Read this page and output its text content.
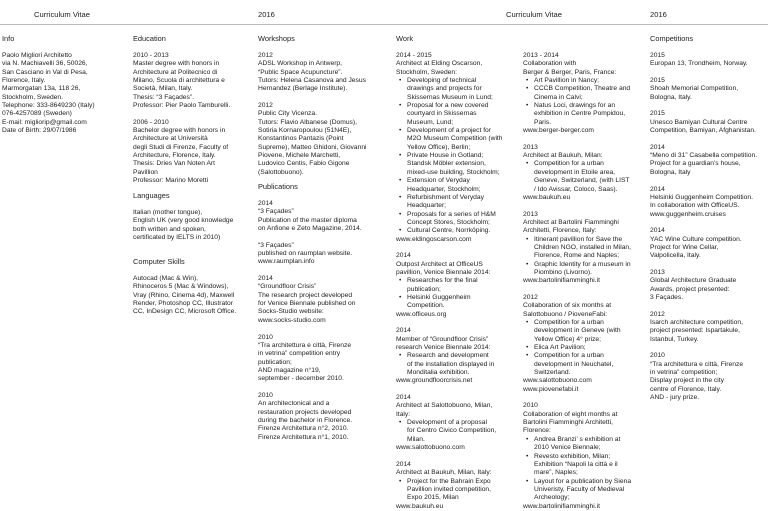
Curriculum Vitae	2016
Info	Education	Workshops

Paolo Migliori Architetto

via N. Machiavelli 36, 50026,

San Casciano in Val di Pesa,

Florence, Italy.

Marmorgatan 13a, 118 26,

Stockholm, Sweden.

Telephone: 333-8649230 (Italy)

076-4257089 (Sweden)

E-mail: migliorip@gmail.com

Date of Birth: 29/07/1986

2010 - 2013

Master degree with honors in

Architecture at Politecnico di

Milano, Scuola di architettura e

Società, Milan, Italy.

Thesis: “3 Façades”.

Professor: Pier Paolo Tamburelli.

2006 - 2010

Bachelor degree with honors in

Architecture at Università

degli Studi di Firenze, Faculty of

Architecture, Florence, Italy.

Thesis: Dries Van Noten Art

Pavillion

Professor: Marino Moretti

Languages

Italian (mother tongue),

English UK (very good knowledge

both written and spoken,

certificated by IELTS in 2010)

Computer Skills

Autocad (Mac & Win),

Rhinoceros 5 (Mac & Windows),

Vray (Rhino, Cinema 4d), Maxwell

Render, Photoshop CC, Illustrator

CC, InDesign CC, Microsoft Office.

2012

ADSL Workshop in Antwerp,

“Public Space Acupuncture”.

Tutors: Helena Casanova and Jesus

Hernandez (Berlage Institute).

2012

Public City Vicenza.

Tutors: Flavio Albanese (Domus),

Sotiria Kornaropoulou (51N4E),

Konstantinos Pantazis (Point

Supreme), Matteo Ghidoni, Giovanni

Piovene, Michele Marchetti,

Ludovico Centis, Fabio Gigone

(Salottobuono).

Publications

2014

“3 Façades”

Publication of the master diploma

on Anfione e Zeto Magazine, 2014.

“3 Façades”

published on raumplan website.

www.raumplan.info

2014

“Groundfloor Crisis”

The research project developed

for Venice Biennale published on

Socks-Studio website:

www.socks-studio.com

2010

“Tra architettura e città, Firenze

in vetrina” competition entry

publication;

AND magazine n°19,

september - december 2010.

2010

An architectonical and a

restauration projects developed

during the bachelor in Florence.

Firenze Architettura n°2, 2010.

Firenze Architettura n°1, 2010.

Curriculum Vitae	2016
Work	Competitions

2014 - 2015

Architect at Elding Oscarson,

Stockholm, Sweden:

• Developing of technical

drawings and projects for

Skissernas Museum in Lund;

• Proposal for a new covered

courtyard in Skissernas

Museum, Lund;

• Development of a project for

M2O Museum Competition (with

Yellow Office), Berlin;

• Private House in Gotland;

Standsk Möbler extension,

mixed-use building, Stockholm;

• Extension of Veryday

Headquarter, Stockholm;

• Refurbishment of Veryday

Headquarter;

• Proposals for a series of H&M

Concept Stores, Stockholm;

• Cultural Centre, Norrköping.

www.eldingoscarson.com

2014

Outpost Architect at OfficeUS

pavillion, Venice Biennale 2014:

• Researches for the final

publication;

• Helsinki Guggenheim

Competition.

www.officeus.org

2014

Member of “Groundfloor Crisis”

research Venice Biennale 2014:

• Research and development

of the installation displayed in

Monditalia exhibition.

www.groundfloorcrisis.net

2014

Architect at Salottobuono, Milan,

Italy:

• Development of a proposal

for Centro Civico Competition,

Milan.

www.salottobuono.com

2014

Architect at Baukuh, Milan, Italy:

• Project for the Bahrain Expo

Pavillion invited competition,

Expo 2015, Milan

www.baukuh.eu

2013 - 2014

Collaboration with

Berger & Berger, Paris, France:

• Art Pavillion in Nancy;

• CCCB Competition, Theatre and

Cinema in Calvi;

• Natus Loci, drawings for an

exhibition in Centre Pompidou,

Paris.

www.berger-berger.com

2013

Architect at Baukuh, Milan:

• Competition for a urban

development in Etoile area,

Geneve, Switzerland, (with LIST

/ Ido Avissar, Coloco, Saas).

www.baukuh.eu

2013

Architect at Bartolini Fiamminghi

Architetti, Florence, Italy:

• Itinerant pavillion for Save the

Children NGO, installed in Milan,

Florence, Rome and Naples;

• Graphic Identity for a museum in

Piombino (Livorno).

www.bartolinifiamminghi.it

2012

Collaboration of six months at

Salottobuono / PioveneFabi:

• Competition for a urban

development in Geneve (with

Yellow Office) 4° prize;

• Elica Art Pavilion;

• Competition for a urban

development in Neuchatel,

Switzerland.

www.salottobuono.com

www.piovenefabi.it

2010

Collaboration of eight months at

Bartolini Fiamminghi Architetti,

Florence:

• Andrea Branzi’ s exhibition at

2010 Venice Biennale;

• Revesto exhibition, Milan;

Exhibition “Napoli la città e il

mare”, Naples;

• Layout for a publication by Siena

Univeristy, Faculty of Medieval

Archeology;

www.bartolinifiamminghi.it

2015

Europan 13, Trondheim, Norway.

2015

Shoah Memorial Competition,

Bologna, Italy.

2015

Unesco Bamiyan Cultural Centre

Competition, Bamiyan, Afghanistan.

2014

“Meno di 31” Casabella competition.

Project for a guardian’s house,

Bologna, Italy

2014

Helsinki Guggenheim Competition.

In collaboration with OfficeUS.

www.guggenheim.cruises

2014

YAC Wine Culture competition.

Project for Wine Cellar,

Valpolicella, Italy.

2013

Global Architecture Graduate

Awards, project presented:

3 Façades.

2012

Isarch architecture competition,

project presented: Ispartakule,

Istanbul, Turkey.

2010

“Tra architettura e città, Firenze

in vetrina” competition;

Display project in the city

centre of Florence, Italy.

AND - jury prize.
